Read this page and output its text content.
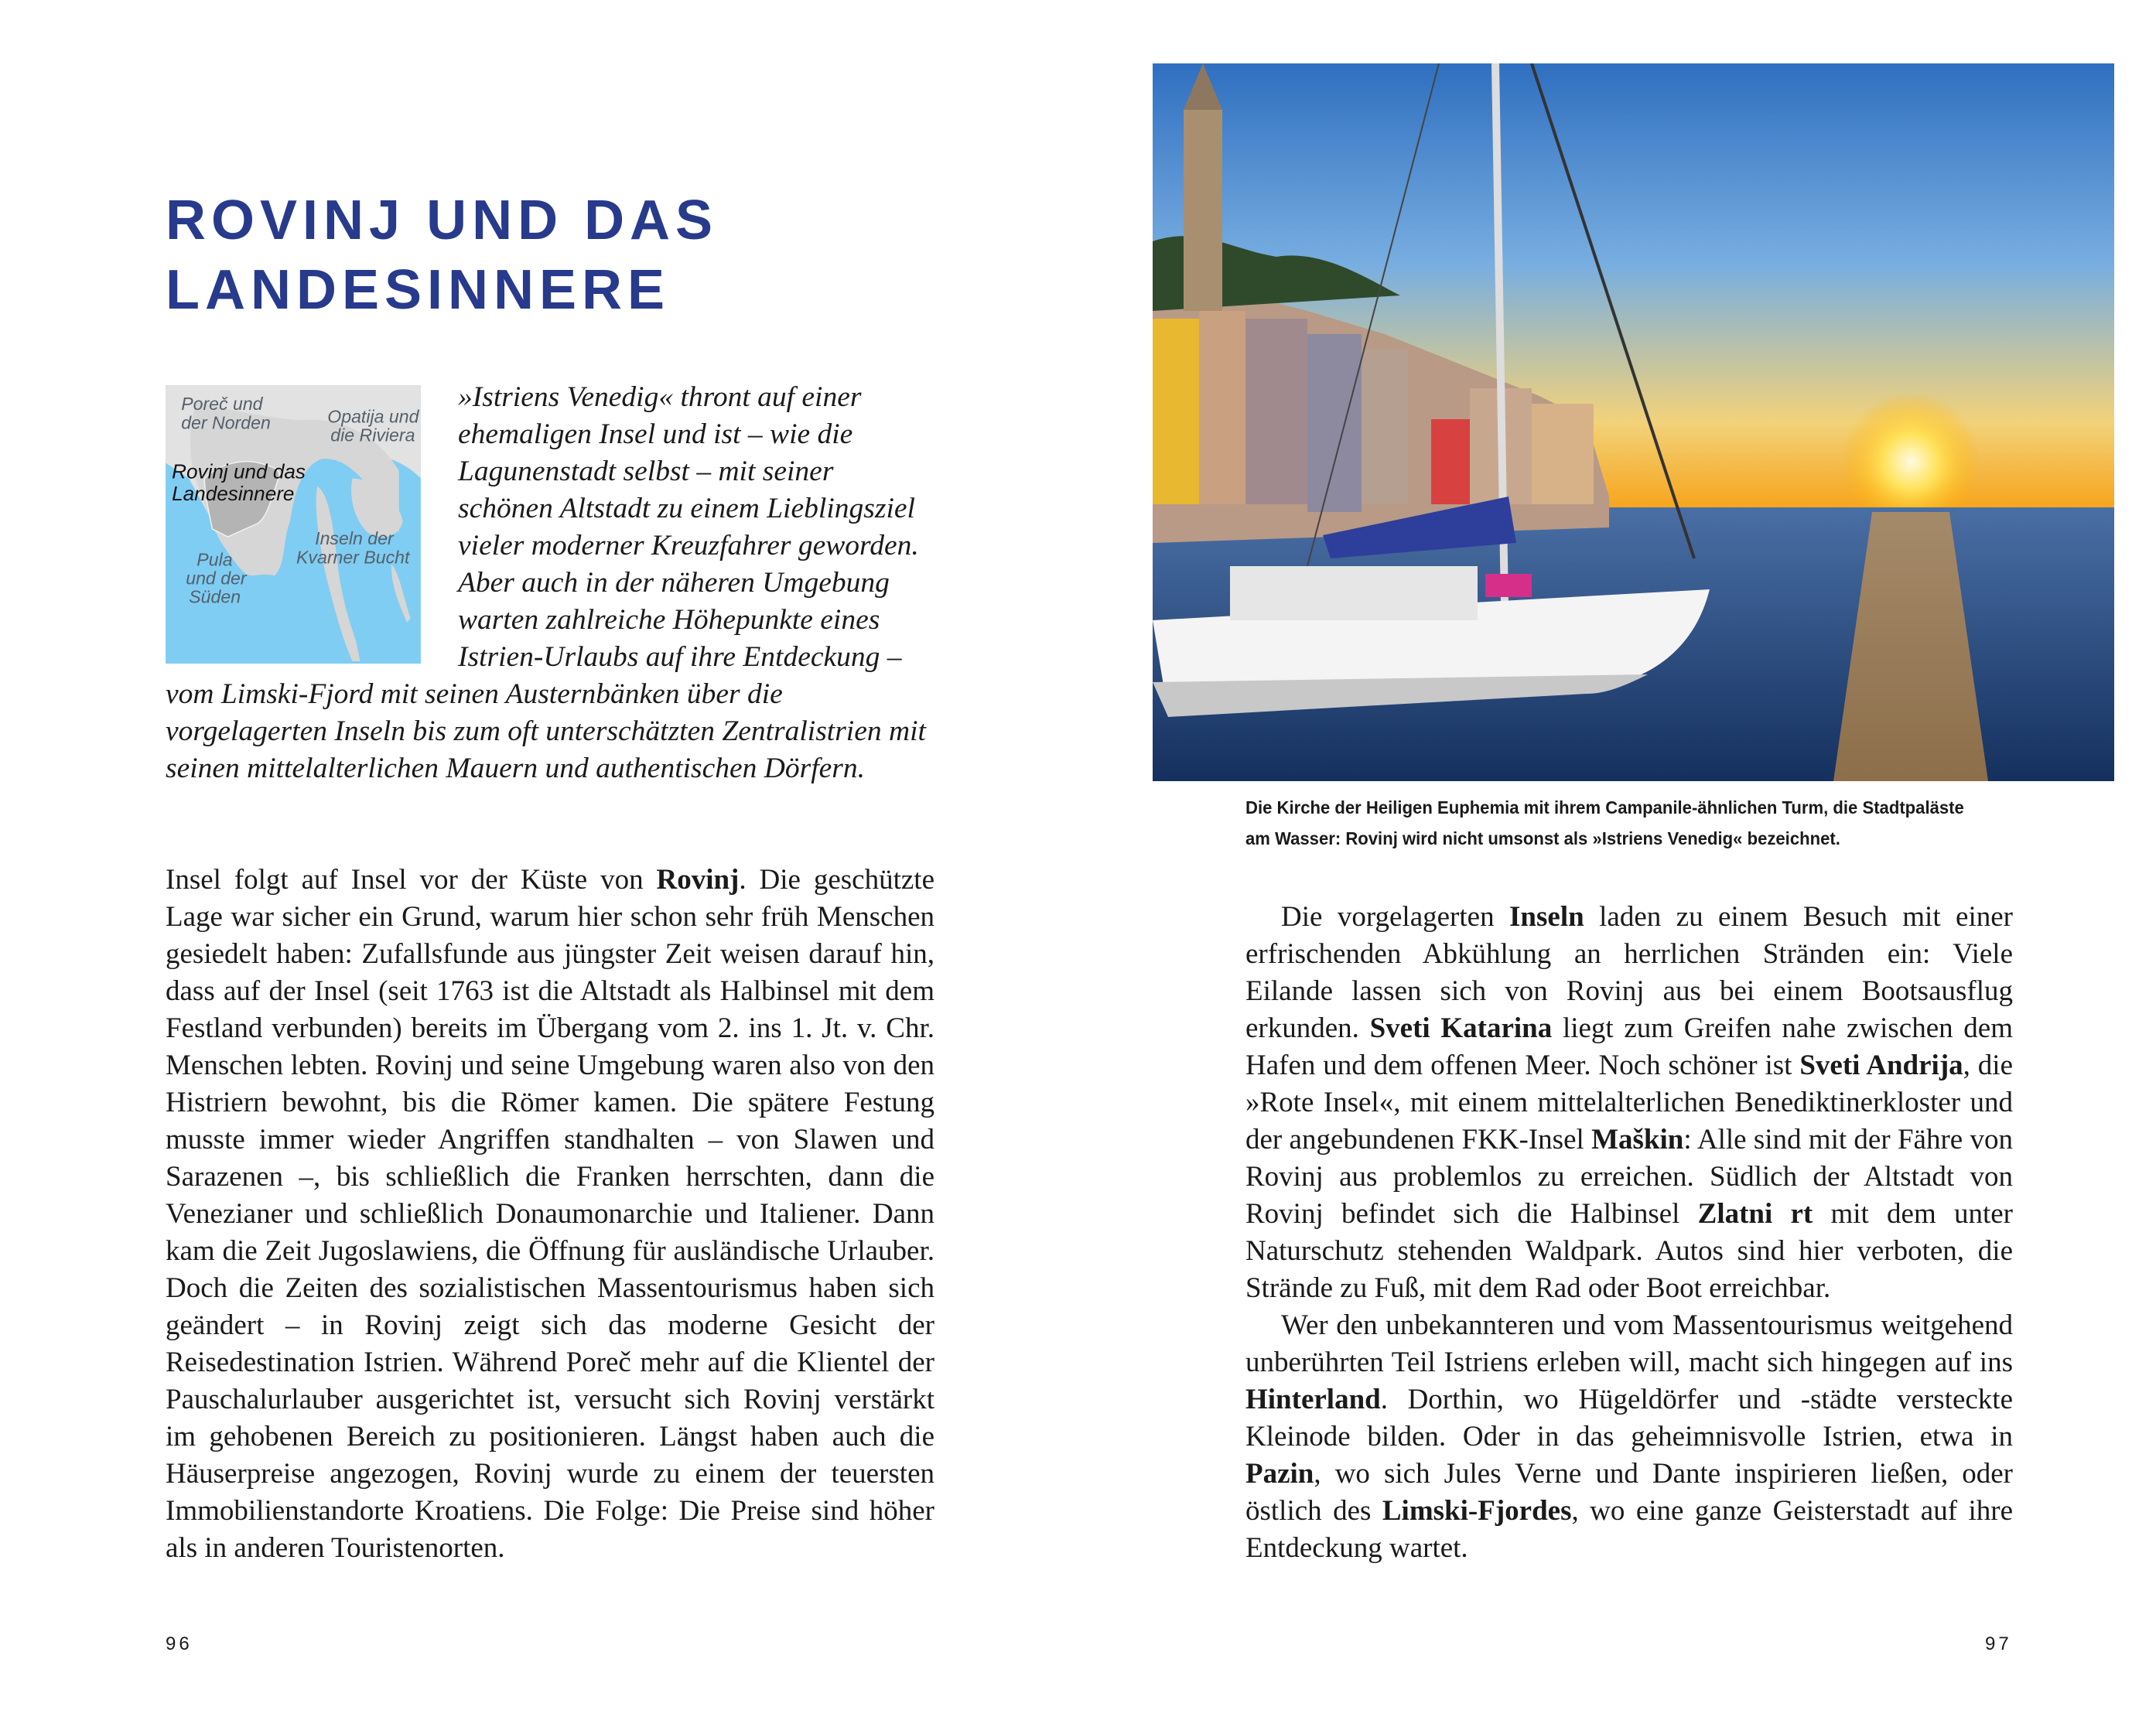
ROVINJ UND DAS
LANDESINNERE
Poreč und der Norden	Opatija und die Riviera
Rovinj und das Landesinnere
Inseln der Kvarner Bucht
Pula und der Süden

»Istriens Venedig« thront auf einer ehemaligen Insel und ist – wie die Lagunenstadt selbst – mit seiner schönen Altstadt zu einem Lieblingsziel vieler moderner Kreuzfahrer geworden. Aber auch in der näheren Umgebung warten zahlreiche Höhepunkte eines Istrien-Urlaubs auf ihre Entdeckung – vom Limski-Fjord mit seinen Austernbänken über die vorgelagerten Inseln bis zum oft unterschätzten Zentralistrien mit seinen mittelalterlichen Mauern und authentischen Dörfern.

Insel folgt auf Insel vor der Küste von Rovinj. Die geschützte Lage war sicher ein Grund, warum hier schon sehr früh Menschen gesiedelt haben: Zufallsfunde aus jüngster Zeit weisen darauf hin, dass auf der Insel (seit 1763 ist die Altstadt als Halbinsel mit dem Festland verbunden) bereits im Übergang vom 2. ins 1. Jt. v. Chr. Menschen lebten. Rovinj und seine Umgebung waren also von den Histriern bewohnt, bis die Römer kamen. Die spätere Festung musste immer wieder Angriffen standhalten – von Slawen und Sarazenen –, bis schließlich die Franken herrschten, dann die Venezianer und schließlich Donaumonarchie und Italiener. Dann kam die Zeit Jugoslawiens, die Öffnung für ausländische Urlauber. Doch die Zeiten des sozialistischen Massentourismus haben sich geändert – in Rovinj zeigt sich das moderne Gesicht der Reisedestination Istrien. Während Poreč mehr auf die Klientel der Pauschalurlauber ausgerichtet ist, versucht sich Rovinj verstärkt im gehobenen Bereich zu positionieren. Längst haben auch die Häuserpreise angezogen, Rovinj wurde zu einem der teuersten Immobilienstandorte Kroatiens. Die Folge: Die Preise sind höher als in anderen Touristenorten.

96

Die Kirche der Heiligen Euphemia mit ihrem Campanile-ähnlichen Turm, die Stadtpaläste am Wasser: Rovinj wird nicht umsonst als »Istriens Venedig« bezeichnet.

Die vorgelagerten Inseln laden zu einem Besuch mit einer erfrischenden Abkühlung an herrlichen Stränden ein: Viele Eilande lassen sich von Rovinj aus bei einem Bootsausflug erkunden. Sveti Katarina liegt zum Greifen nahe zwischen dem Hafen und dem offenen Meer. Noch schöner ist Sveti Andrija, die »Rote Insel«, mit einem mittelalterlichen Benediktinerkloster und der angebundenen FKK-Insel Maškin: Alle sind mit der Fähre von Rovinj aus problemlos zu erreichen. Südlich der Altstadt von Rovinj befindet sich die Halbinsel Zlatni rt mit dem unter Naturschutz stehenden Waldpark. Autos sind hier verboten, die Strände zu Fuß, mit dem Rad oder Boot erreichbar.

Wer den unbekannteren und vom Massentourismus weitgehend unberührten Teil Istriens erleben will, macht sich hingegen auf ins Hinterland. Dorthin, wo Hügeldörfer und -städte versteckte Kleinode bilden. Oder in das geheimnisvolle Istrien, etwa in Pazin, wo sich Jules Verne und Dante inspirieren ließen, oder östlich des Limski-Fjordes, wo eine ganze Geisterstadt auf ihre Entdeckung wartet.

97
